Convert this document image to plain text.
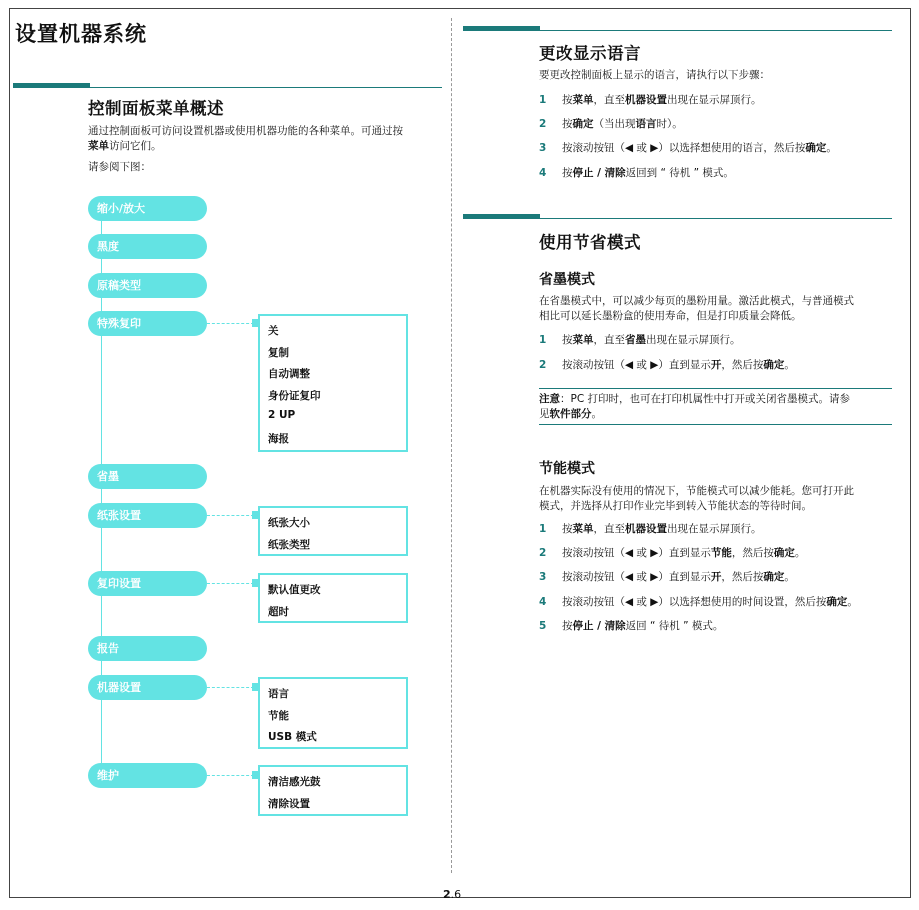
设置机器系统
控制面板菜单概述

通过控制面板可访问设置机器或使用机器功能的各种菜单。可通过按
菜单访问它们。

请参阅下图：

缩小/放大
黑度
原稿类型
特殊复印
关
复制
自动调整
身份证复印
2 UP
海报
省墨
纸张设置
纸张大小
纸张类型
复印设置	默认值更改
超时
报告
机器设置	语言
节能
USB 模式
维护	清洁感光鼓
清除设置
更改显示语言

要更改控制面板上显示的语言，请执行以下步骤：

1 按菜单，直至机器设置出现在显示屏顶行。
2 按确定（当出现语言时）。
3 按滚动按钮（◀ 或 ▶）以选择想使用的语言，然后按确定。
4 按停止 / 清除返回到 “ 待机 ” 模式。
使用节省模式
省墨模式

在省墨模式中，可以减少每页的墨粉用量。激活此模式，与普通模式
相比可以延长墨粉盒的使用寿命，但是打印质量会降低。

1 按菜单，直至省墨出现在显示屏顶行。
2 按滚动按钮（◀ 或 ▶）直到显示开，然后按确定。

注意：PC 打印时，也可在打印机属性中打开或关闭省墨模式。请参
见软件部分。

节能模式

在机器实际没有使用的情况下，节能模式可以减少能耗。您可打开此
模式，并选择从打印作业完毕到转入节能状态的等待时间。

1 按菜单，直至机器设置出现在显示屏顶行。
2 按滚动按钮（◀ 或 ▶）直到显示节能，然后按确定。
3 按滚动按钮（◀ 或 ▶）直到显示开，然后按确定。
4 按滚动按钮（◀ 或 ▶）以选择想使用的时间设置，然后按确定。
5 按停止 / 清除返回 “ 待机 ” 模式。
2.6
